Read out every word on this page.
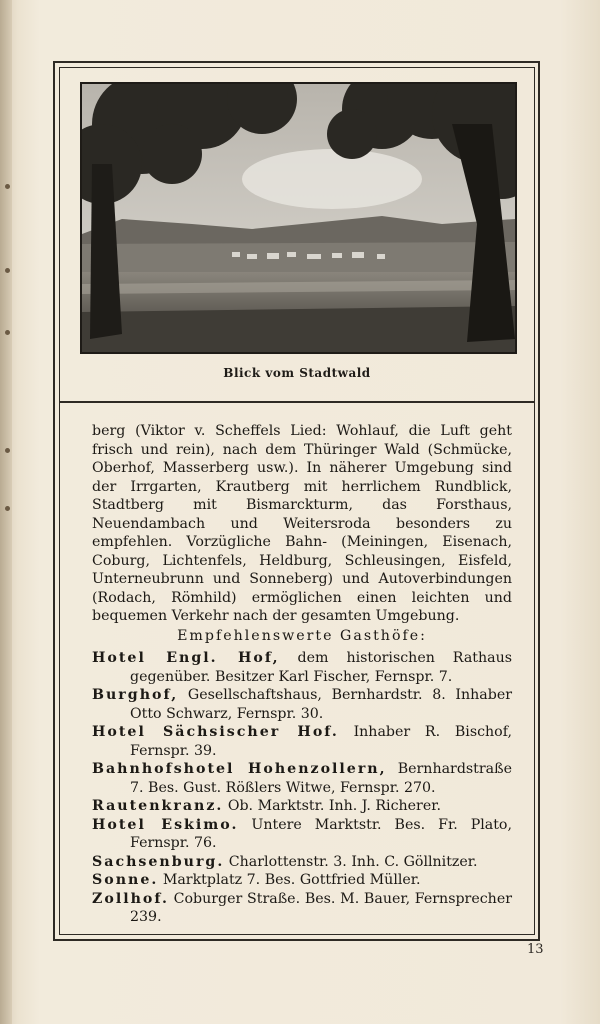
Blick vom Stadtwald

berg (Viktor v. Scheffels Lied: Wohlauf, die Luft geht frisch und rein), nach dem Thüringer Wald (Schmücke, Oberhof, Masserberg usw.). In näherer Umgebung sind der Irrgarten, Krautberg mit herrlichem Rundblick, Stadtberg mit Bismarckturm, das Forsthaus, Neuendambach und Weitersroda besonders zu empfehlen. Vorzügliche Bahn- (Meiningen, Eisenach, Coburg, Lichtenfels, Heldburg, Schleusingen, Eisfeld, Unterneubrunn und Sonneberg) und Autoverbindungen (Rodach, Römhild) ermöglichen einen leichten und bequemen Verkehr nach der gesamten Umgebung.

Empfehlenswerte Gasthöfe:
Hotel Engl. Hof, dem historischen Rathaus gegenüber. Besitzer Karl Fischer, Fernspr. 7.
Burghof, Gesellschaftshaus, Bernhardstr. 8. Inhaber Otto Schwarz, Fernspr. 30.
Hotel Sächsischer Hof. Inhaber R. Bischof, Fernspr. 39.
Bahnhofshotel Hohenzollern, Bernhardstraße 7. Bes. Gust. Rößlers Witwe, Fernspr. 270.
Rautenkranz. Ob. Marktstr. Inh. J. Richerer.
Hotel Eskimo. Untere Marktstr. Bes. Fr. Plato, Fernspr. 76.
Sachsenburg. Charlottenstr. 3. Inh. C. Göllnitzer.
Sonne. Marktplatz 7. Bes. Gottfried Müller.
Zollhof. Coburger Straße. Bes. M. Bauer, Fernsprecher 239.
13
